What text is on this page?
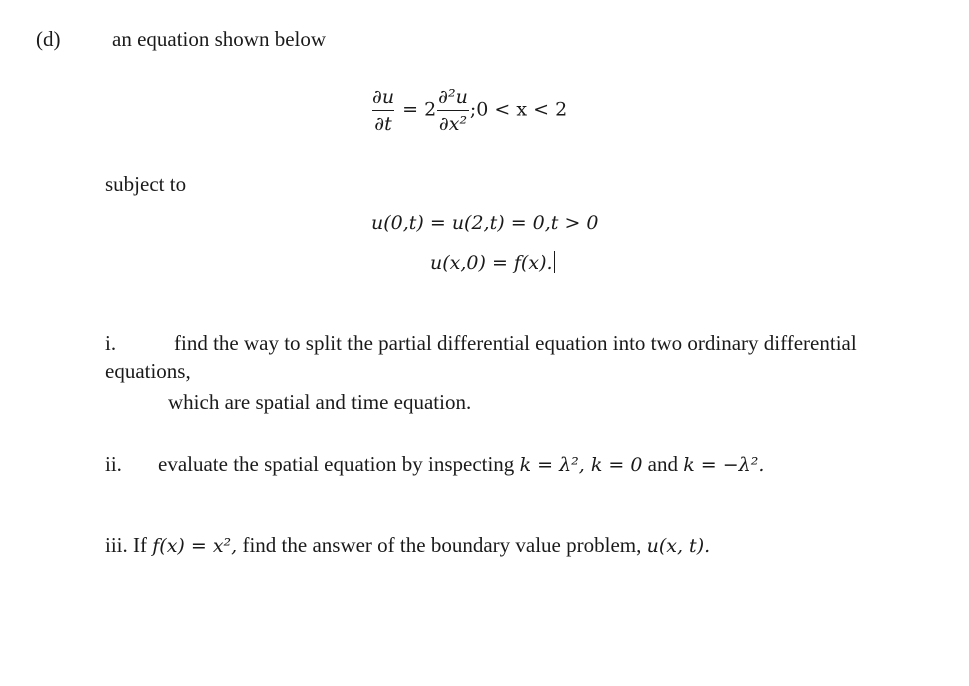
(d) an equation shown below
$\frac{\partial u}{\partial t} = 2 \frac{\text{∂²u}}{\text{∂x²}}$ ;0 < x < 2
subject to
u(0,t) = u(2,t) = 0,t > 0
u(x,0) = f(x).
i.	find the way to split the partial differential equation into two ordinary differential
equations,
which are spatial and time equation.
ii. evaluate the spatial equation by inspecting k = λ², k = 0 and k = −λ².
iii. If f(x) = x², find the answer of the boundary value problem, u(x, t).
